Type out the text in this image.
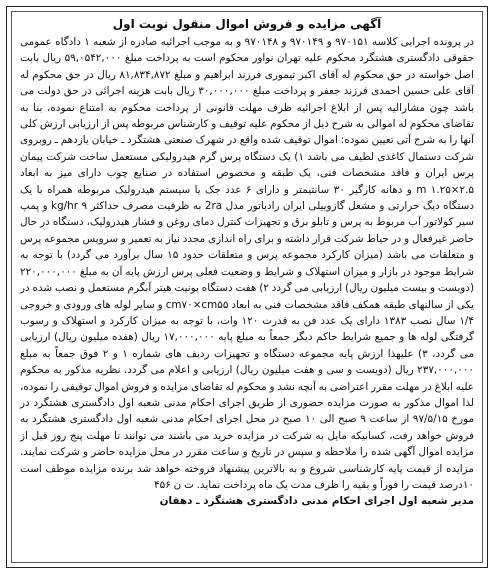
آگهی مزایده و فروش اموال منقول نوبت اول

در پرونده اجرایی کلاسه ۹۷۰۱۵۱ و ۹۷۰۱۴۹ و ۹۷۰۱۴۸ و به موجب اجرائیه صادره از شعبه ۱ دادگاه عمومی حقوقی دادگستری هشتگرد محکوم علیه تهران نواور محکوم است به پرداخت مبلغ ۵۹,۰۵۴۲,۰۰۰ ریال بابت اصل خواسته در حق محکوم له آقای اکبر تیموری فرزند ابراهیم و مبلغ ۸۱,۸۳۴,۸۷۲ ریال در حق محکوم له آقای علی حسین احمدی فرزند جعفر و پرداخت مبلغ ۳۰,۰۰۰,۰۰۰ ریال بابت هزینه اجرائی در حق دولت می باشد چون مشارالیه پس از ابلاغ اجرائیه ظرف مهلت قانونی از پرداخت محکوم به امتناع نموده، بنا به تقاضای محکوم له اموالی به شرح ذیل از محکوم علیه توقیف و کارشناس مربوطه پس از ارزیابی ارزش کلی آنها را به شرح آتی تعیین نموده: اموال توقیف شده واقع در شهرک صنعتی هشتگرد ـ خیابان یازدهم ـ روبروی شرکت دستمال کاغذی لطیف می باشد ۱) یک دستگاه پرس گرم هیدرولیکی مستعمل ساخت شرکت پیمان پرس ایران و فاقد مشخصات فنی، یک طبقه و مخصوص استفاده در صنایع چوب دارای میز به ابعاد ۲.۵×۱.۲۵ m و دهانه کارگیر ۳۰ سانتیمتر و دارای ۶ عدد جک یا سیستم هیدرولیک مربوطه همراه با یک دستگاه دیگ حرارتی و مشعل گازوییلی ایران رادیاتور مدل 2ra به ظرفیت مصرف حداکثر ۹ kg/hr و پمپ سیر کولاتور آب مربوط به پرس و تابلو برق و تجهیزات کنترل دمای روغن و فشار هیدرولیک، دستگاه در حال حاضر غیرفعال و در حیاط شرکت قرار داشته و برای راه اندازی مجدد نیاز به تعمیر و سرویس مجموعه پرس و متعلقات می باشد (میزان کارکرد مجموعه پرس و متعلقات حدود ۱۵ سال برآورد می گردد) با توجه به شرایط موجود در بازار و میزان استهلاک و شرایط و وضعیت فعلی پرس ارزش پایه آن به مبلغ ۲۲۰,۰۰۰,۰۰۰ (دویست و بیست میلیون ریال) ارزیابی می گردد ۲) هفت دستگاه یونیت هیتر آبگرم مستعمل و نصب شده در یکی از سالنهای طبقه همکف فاقد مشخصات فنی به ابعاد cm۷۰×cm۵۵ و سایر لوله های ورودی و خروجی ۱/۴ سال نصب ۱۳۸۳ دارای یک عدد فن به قدرت ۱۲۰ وات، با توجه به میزان کارکرد و استهلاک و رسوب گرفتگی لوله ها و جمیع شرایط حاکم دیگر جمعاً به مبلغ پایه ۱۷,۰۰۰,۰۰۰ ریال (هفده میلیون ریال) ارزیابی می گردد، ۳) علیهذا ارزش پایه مجموعه دستگاه و تجهیزات ردیف های شماره ۱ و ۲ فوق جمعاً به مبلغ ۲۳۷,۰۰۰,۰۰۰ ریال (دویست و سی و هفت میلیون ریال) ارزیابی و اعلام می گردد. نظریه مذکور به محکوم علیه ابلاغ در مهلت مقرر اعتراضی به آنچه نشد و محکوم له تقاضای مزایده و فروش اموال توقیفی را نموده، لذا اموال مذکور به صورت مزایده حضوری از طریق اجرای احکام مدنی شعبه اول دادگستری هشتگرد در مورخ ۹۷/۵/۱۵ از ساعت ۹ صبح الی ۱۰ صبح در محل اجرای احکام مدنی شعبه اول دادگستری هشتگرد به فروش خواهد رفت، کسانیکه مایل به شرکت در مزایده خرید می باشند می توانند تا مهلت پنج روز قبل از مزایده اموال آگهی شده را ملاحظه و سپس در تاریخ و ساعت مقرر در محل مزایده حاضر و شرکت نمایند. مزایده از قیمت پایه کارشناسی شروع و به بالاترین پیشنهاد فروخته خواهد شد برنده مزایده موظف است ۱۰درصد قیمت را فوراً و بقیه را ظرف مدت یک ماه پرداخت نماید. ت ن ۴۵۶

مدیر شعبه اول اجرای احکام مدنی دادگستری هشتگرد ـ دهقان
